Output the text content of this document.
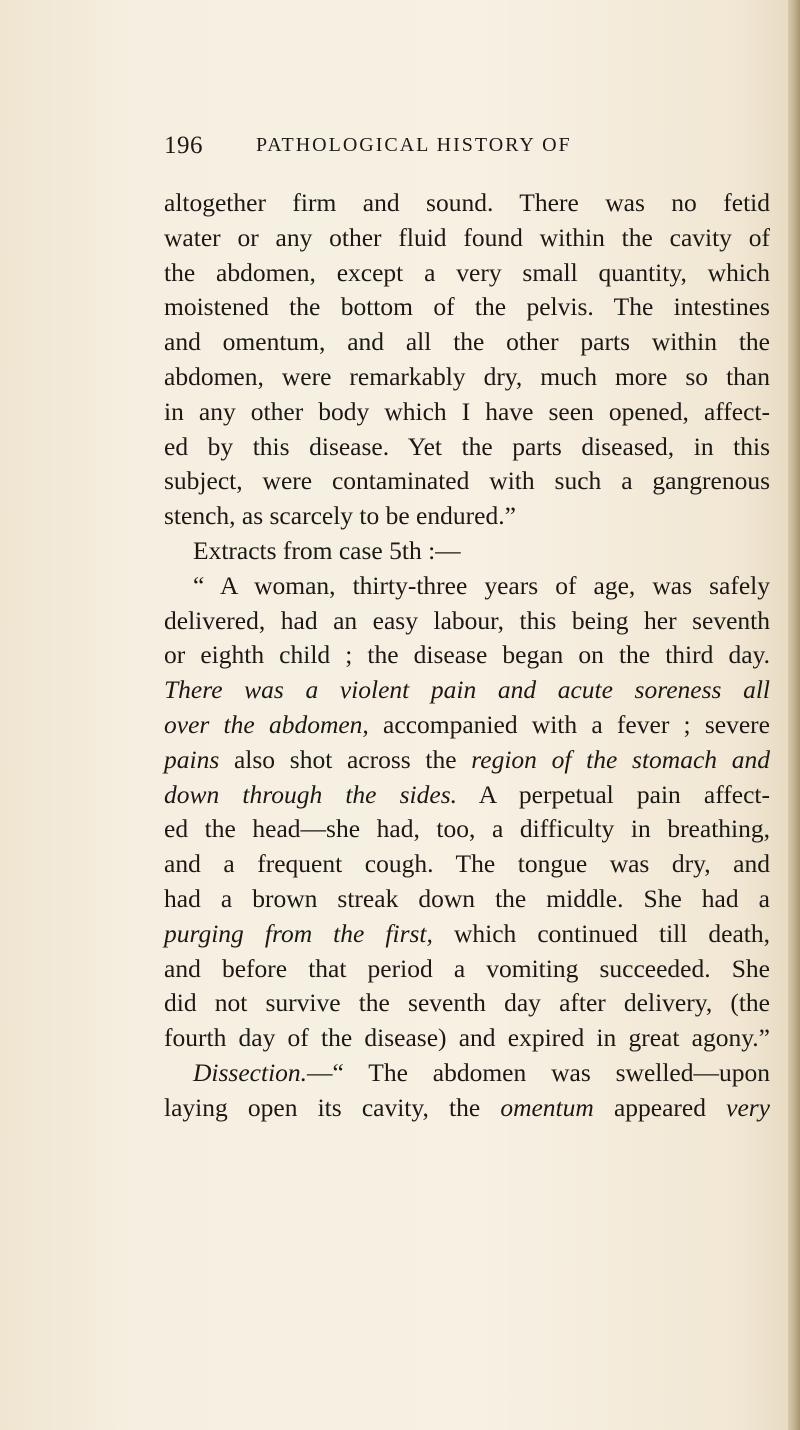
196	PATHOLOGICAL HISTORY OF
altogether firm and sound. There was no fetid
water or any other fluid found within the cavity of
the abdomen, except a very small quantity, which
moistened the bottom of the pelvis. The intestines
and omentum, and all the other parts within the
abdomen, were remarkably dry, much more so than
in any other body which I have seen opened, affect-
ed by this disease. Yet the parts diseased, in this
subject, were contaminated with such a gangrenous
stench, as scarcely to be endured.”
Extracts from case 5th :—
“ A woman, thirty-three years of age, was safely
delivered, had an easy labour, this being her seventh
or eighth child ; the disease began on the third day.
There was a violent pain and acute soreness all
over the abdomen, accompanied with a fever ; severe
pains also shot across the region of the stomach and
down through the sides. A perpetual pain affect-
ed the head—she had, too, a difficulty in breathing,
and a frequent cough. The tongue was dry, and
had a brown streak down the middle. She had a
purging from the first, which continued till death,
and before that period a vomiting succeeded. She
did not survive the seventh day after delivery, (the
fourth day of the disease) and expired in great agony.”
Dissection.—“ The abdomen was swelled—upon
laying open its cavity, the omentum appeared very
